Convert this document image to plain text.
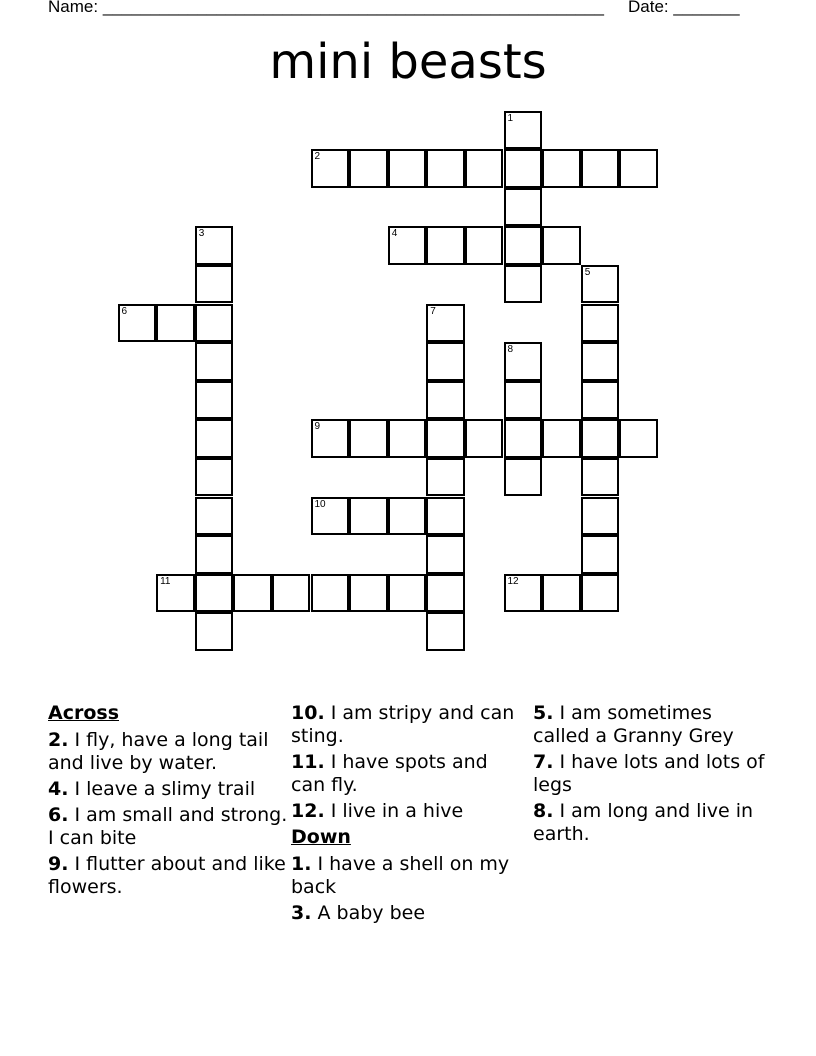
Name: _____________________________________________________ Date: _______
mini beasts
1
2
3	4
5
6	7
8
9
10
11	12
Across
2. I fly, have a long tail and live by water.
4. I leave a slimy trail
6. I am small and strong. I can bite
9. I flutter about and like flowers.
10. I am stripy and can sting.
11. I have spots and can fly.
12. I live in a hive
Down
1. I have a shell on my back
3. A baby bee
5. I am sometimes called a Granny Grey
7. I have lots and lots of legs
8. I am long and live in earth.
